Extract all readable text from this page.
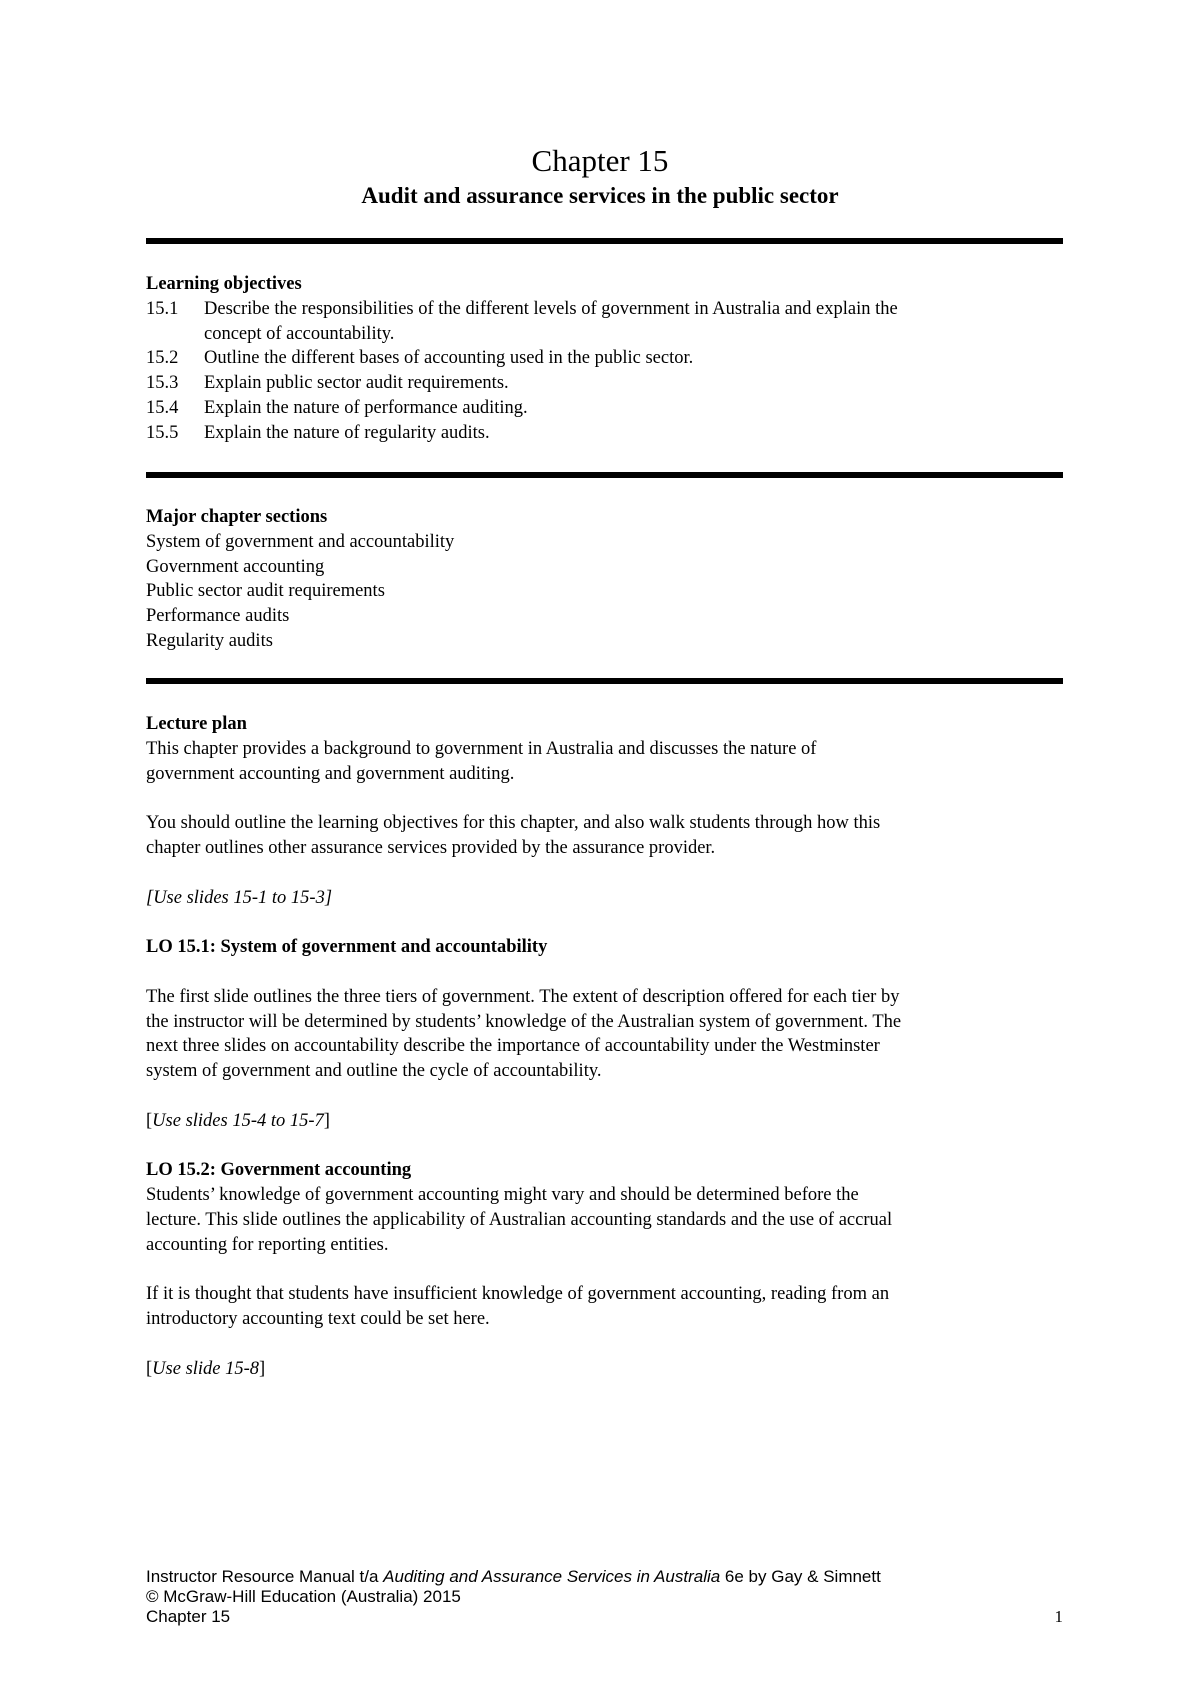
Chapter 15
Audit and assurance services in the public sector
Learning objectives
15.1 Describe the responsibilities of the different levels of government in Australia and explain the
concept of accountability.
15.2 Outline the different bases of accounting used in the public sector.
15.3 Explain public sector audit requirements.
15.4 Explain the nature of performance auditing.
15.5 Explain the nature of regularity audits.
Major chapter sections
System of government and accountability
Government accounting
Public sector audit requirements
Performance audits
Regularity audits
Lecture plan
This chapter provides a background to government in Australia and discusses the nature of
government accounting and government auditing.
You should outline the learning objectives for this chapter, and also walk students through how this
chapter outlines other assurance services provided by the assurance provider.
[Use slides 15-1 to 15-3]
LO 15.1: System of government and accountability
The first slide outlines the three tiers of government. The extent of description offered for each tier by
the instructor will be determined by students’ knowledge of the Australian system of government. The
next three slides on accountability describe the importance of accountability under the Westminster
system of government and outline the cycle of accountability.
[Use slides 15-4 to 15-7]
LO 15.2: Government accounting
Students’ knowledge of government accounting might vary and should be determined before the
lecture. This slide outlines the applicability of Australian accounting standards and the use of accrual
accounting for reporting entities.
If it is thought that students have insufficient knowledge of government accounting, reading from an
introductory accounting text could be set here.
[Use slide 15-8]
Instructor Resource Manual t/a Auditing and Assurance Services in Australia 6e by Gay & Simnett
© McGraw-Hill Education (Australia) 2015
Chapter 15	1
